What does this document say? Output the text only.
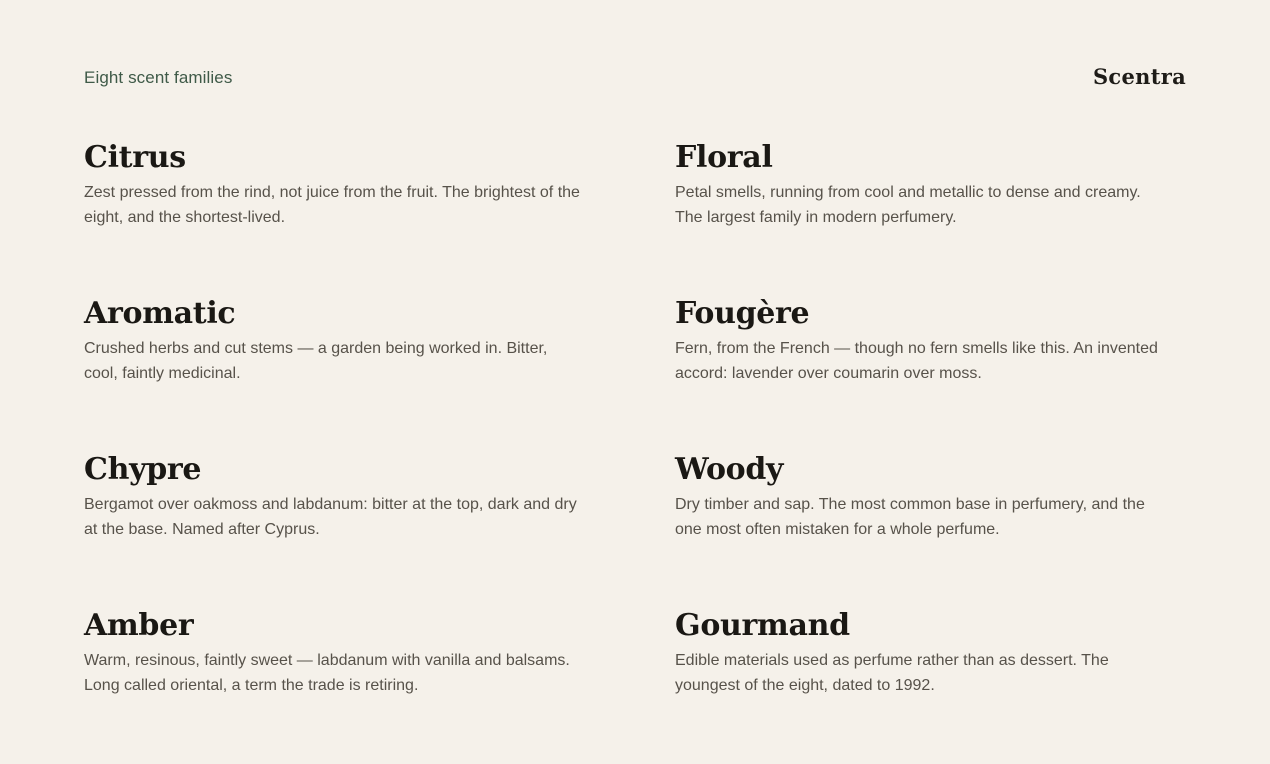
Eight scent families	Scentra
Citrus

Zest pressed from the rind, not juice from the fruit. The brightest of the eight, and the shortest-lived.

Floral

Petal smells, running from cool and metallic to dense and creamy. The largest family in modern perfumery.

Aromatic

Crushed herbs and cut stems — a garden being worked in. Bitter, cool, faintly medicinal.

Fougère

Fern, from the French — though no fern smells like this. An invented accord: lavender over coumarin over moss.

Chypre

Bergamot over oakmoss and labdanum: bitter at the top, dark and dry at the base. Named after Cyprus.

Woody

Dry timber and sap. The most common base in perfumery, and the one most often mistaken for a whole perfume.

Amber

Warm, resinous, faintly sweet — labdanum with vanilla and balsams. Long called oriental, a term the trade is retiring.

Gourmand

Edible materials used as perfume rather than as dessert. The youngest of the eight, dated to 1992.
